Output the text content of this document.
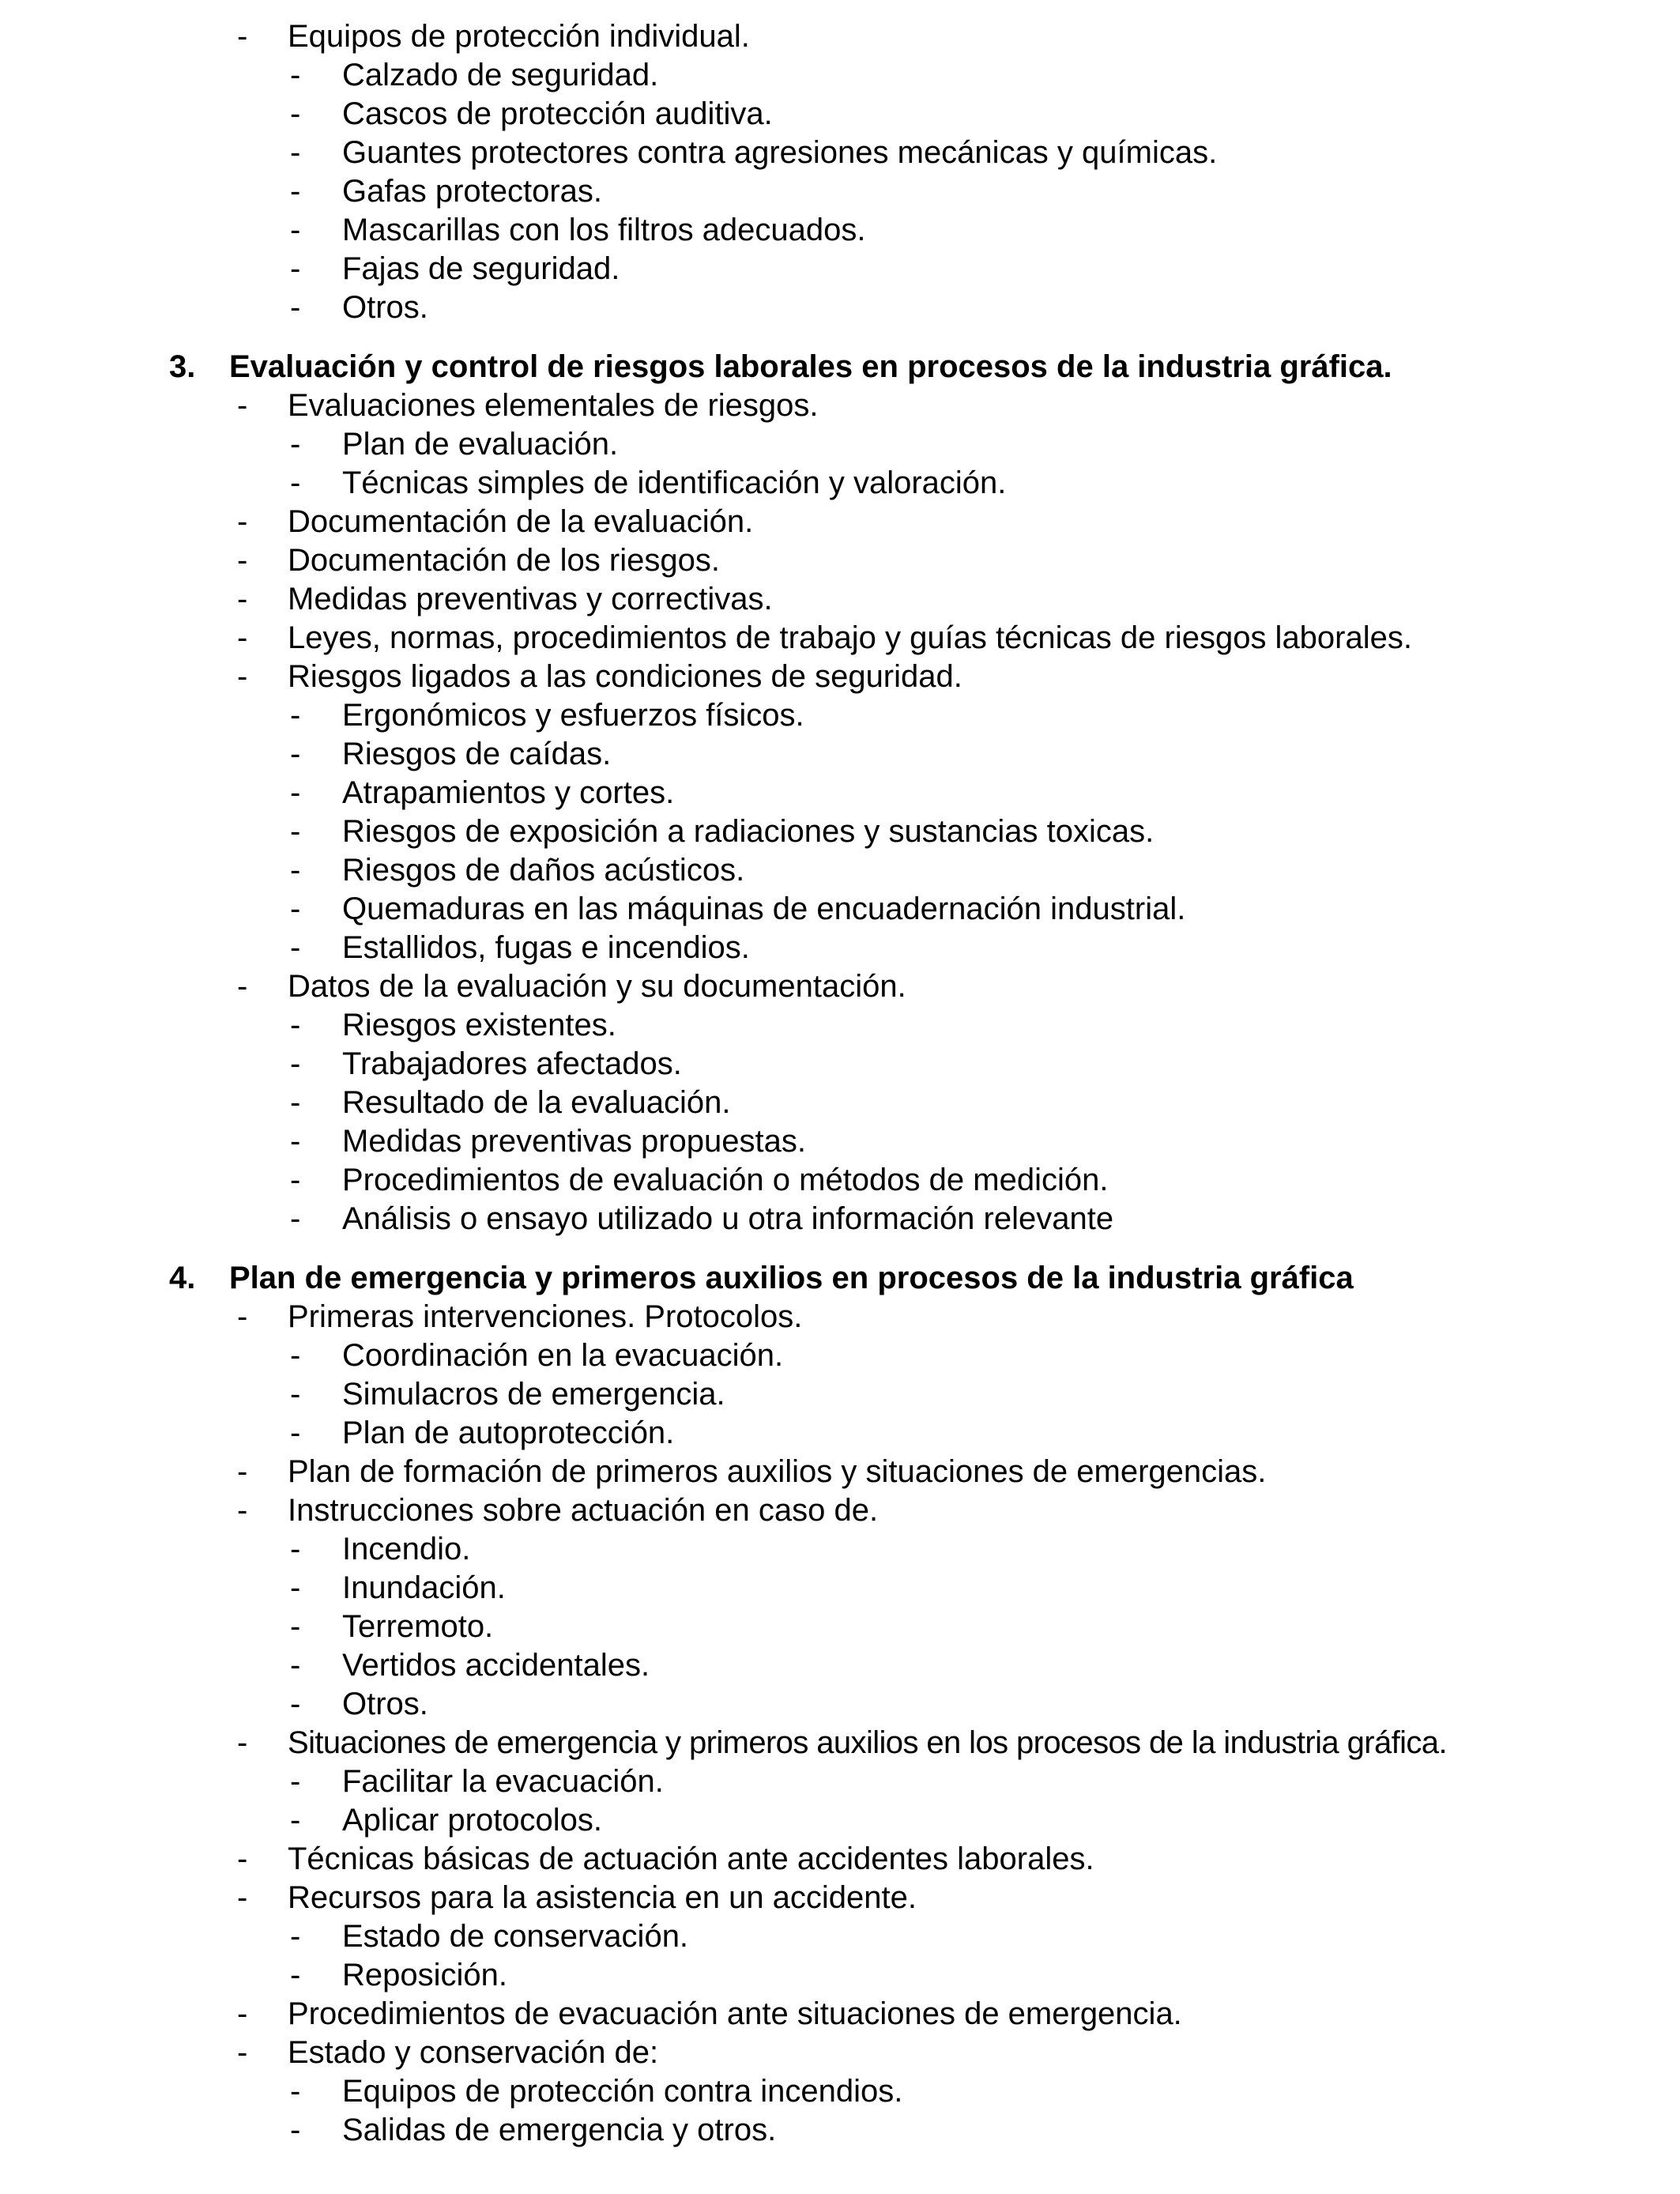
- Equipos de protección individual.
- Calzado de seguridad.
- Cascos de protección auditiva.
- Guantes protectores contra agresiones mecánicas y químicas.
- Gafas protectoras.
- Mascarillas con los filtros adecuados.
- Fajas de seguridad.
- Otros.
3. Evaluación y control de riesgos laborales en procesos de la industria gráfica.
- Evaluaciones elementales de riesgos.
- Plan de evaluación.
- Técnicas simples de identificación y valoración.
- Documentación de la evaluación.
- Documentación de los riesgos.
- Medidas preventivas y correctivas.
- Leyes, normas, procedimientos de trabajo y guías técnicas de riesgos laborales.
- Riesgos ligados a las condiciones de seguridad.
- Ergonómicos y esfuerzos físicos.
- Riesgos de caídas.
- Atrapamientos y cortes.
- Riesgos de exposición a radiaciones y sustancias toxicas.
- Riesgos de daños acústicos.
- Quemaduras en las máquinas de encuadernación industrial.
- Estallidos, fugas e incendios.
- Datos de la evaluación y su documentación.
- Riesgos existentes.
- Trabajadores afectados.
- Resultado de la evaluación.
- Medidas preventivas propuestas.
- Procedimientos de evaluación o métodos de medición.
- Análisis o ensayo utilizado u otra información relevante
4. Plan de emergencia y primeros auxilios en procesos de la industria gráfica
- Primeras intervenciones. Protocolos.
- Coordinación en la evacuación.
- Simulacros de emergencia.
- Plan de autoprotección.
- Plan de formación de primeros auxilios y situaciones de emergencias.
- Instrucciones sobre actuación en caso de.
- Incendio.
- Inundación.
- Terremoto.
- Vertidos accidentales.
- Otros.
- Situaciones de emergencia y primeros auxilios en los procesos de la industria gráfica.
- Facilitar la evacuación.
- Aplicar protocolos.
- Técnicas básicas de actuación ante accidentes laborales.
- Recursos para la asistencia en un accidente.
- Estado de conservación.
- Reposición.
- Procedimientos de evacuación ante situaciones de emergencia.
- Estado y conservación de:
- Equipos de protección contra incendios.
- Salidas de emergencia y otros.
